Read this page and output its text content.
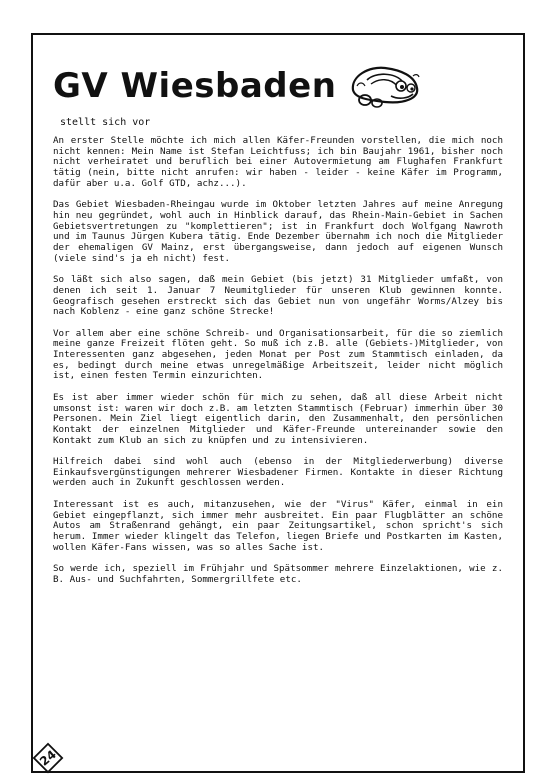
GV Wiesbaden
stellt sich vor

An erster Stelle möchte ich mich allen Käfer-Freunden vorstellen, die mich noch nicht kennen: Mein Name ist Stefan Leichtfuss; ich bin Baujahr 1961, bisher noch nicht verheiratet und beruflich bei einer Autovermietung am Flughafen Frankfurt tätig (nein, bitte nicht anrufen: wir haben - leider - keine Käfer im Programm, dafür aber u.a. Golf GTD, achz...).

Das Gebiet Wiesbaden-Rheingau wurde im Oktober letzten Jahres auf meine Anregung hin neu gegründet, wohl auch in Hinblick darauf, das Rhein-Main-Gebiet in Sachen Gebietsvertretungen zu "komplettieren"; ist in Frankfurt doch Wolfgang Nawroth und im Taunus Jürgen Kubera tätig. Ende Dezember übernahm ich noch die Mitglieder der ehemaligen GV Mainz, erst übergangsweise, dann jedoch auf eigenen Wunsch (viele sind's ja eh nicht) fest.

So läßt sich also sagen, daß mein Gebiet (bis jetzt) 31 Mitglieder umfaßt, von denen ich seit 1. Januar 7 Neumitglieder für unseren Klub gewinnen konnte. Geografisch gesehen erstreckt sich das Gebiet nun von ungefähr Worms/Alzey bis nach Koblenz - eine ganz schöne Strecke!

Vor allem aber eine schöne Schreib- und Organisationsarbeit, für die so ziemlich meine ganze Freizeit flöten geht. So muß ich z.B. alle (Gebiets-)Mitglieder, von Interessenten ganz abgesehen, jeden Monat per Post zum Stammtisch einladen, da es, bedingt durch meine etwas unregelmäßige Arbeitszeit, leider nicht möglich ist, einen festen Termin einzurichten.

Es ist aber immer wieder schön für mich zu sehen, daß all diese Arbeit nicht umsonst ist: waren wir doch z.B. am letzten Stammtisch (Februar) immerhin über 30 Personen. Mein Ziel liegt eigentlich darin, den Zusammenhalt, den persönlichen Kontakt der einzelnen Mitglieder und Käfer-Freunde untereinander sowie den Kontakt zum Klub an sich zu knüpfen und zu intensivieren.

Hilfreich dabei sind wohl auch (ebenso in der Mitgliederwerbung) diverse Einkaufsvergünstigungen mehrerer Wiesbadener Firmen. Kontakte in dieser Richtung werden auch in Zukunft geschlossen werden.

Interessant ist es auch, mitanzusehen, wie der "Virus" Käfer, einmal in ein Gebiet eingepflanzt, sich immer mehr ausbreitet. Ein paar Flugblätter an schöne Autos am Straßenrand gehängt, ein paar Zeitungsartikel, schon spricht's sich herum. Immer wieder klingelt das Telefon, liegen Briefe und Postkarten im Kasten, wollen Käfer-Fans wissen, was so alles Sache ist.

So werde ich, speziell im Frühjahr und Spätsommer mehrere Einzelaktionen, wie z. B. Aus- und Suchfahrten, Sommergrillfete etc.

24
